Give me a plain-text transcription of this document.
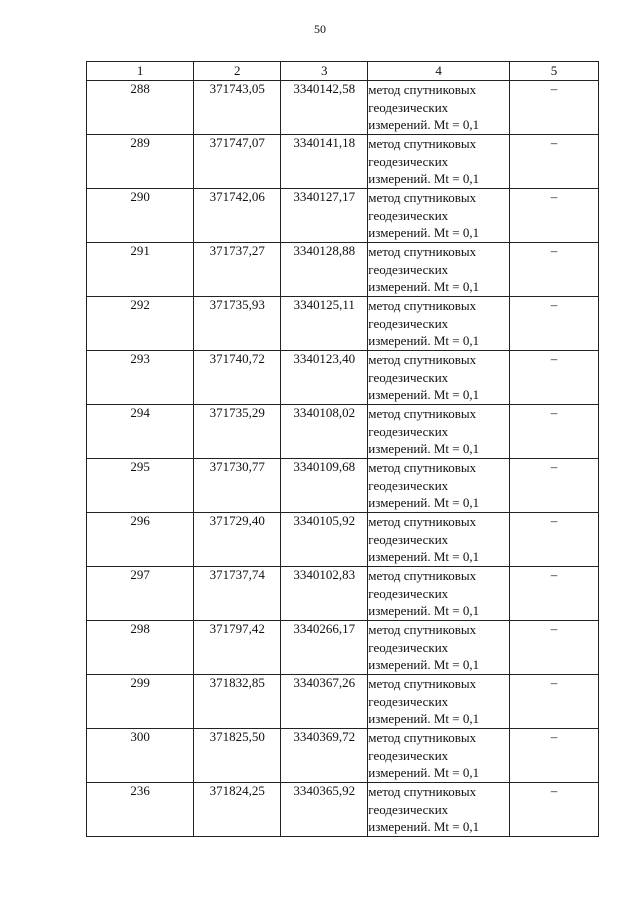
50
1	2	3	4	5
288	371743,05	3340142,58	метод спутниковых
геодезических
измерений. Mt = 0,1	–
289	371747,07	3340141,18	метод спутниковых
геодезических
измерений. Mt = 0,1	–
290	371742,06	3340127,17	метод спутниковых
геодезических
измерений. Mt = 0,1	–
291	371737,27	3340128,88	метод спутниковых
геодезических
измерений. Mt = 0,1	–
292	371735,93	3340125,11	метод спутниковых
геодезических
измерений. Mt = 0,1	–
293	371740,72	3340123,40	метод спутниковых
геодезических
измерений. Mt = 0,1	–
294	371735,29	3340108,02	метод спутниковых
геодезических
измерений. Mt = 0,1	–
295	371730,77	3340109,68	метод спутниковых
геодезических
измерений. Mt = 0,1	–
296	371729,40	3340105,92	метод спутниковых
геодезических
измерений. Mt = 0,1	–
297	371737,74	3340102,83	метод спутниковых
геодезических
измерений. Mt = 0,1	–
298	371797,42	3340266,17	метод спутниковых
геодезических
измерений. Mt = 0,1	–
299	371832,85	3340367,26	метод спутниковых
геодезических
измерений. Mt = 0,1	–
300	371825,50	3340369,72	метод спутниковых
геодезических
измерений. Mt = 0,1	–
236	371824,25	3340365,92	метод спутниковых
геодезических
измерений. Mt = 0,1	–
